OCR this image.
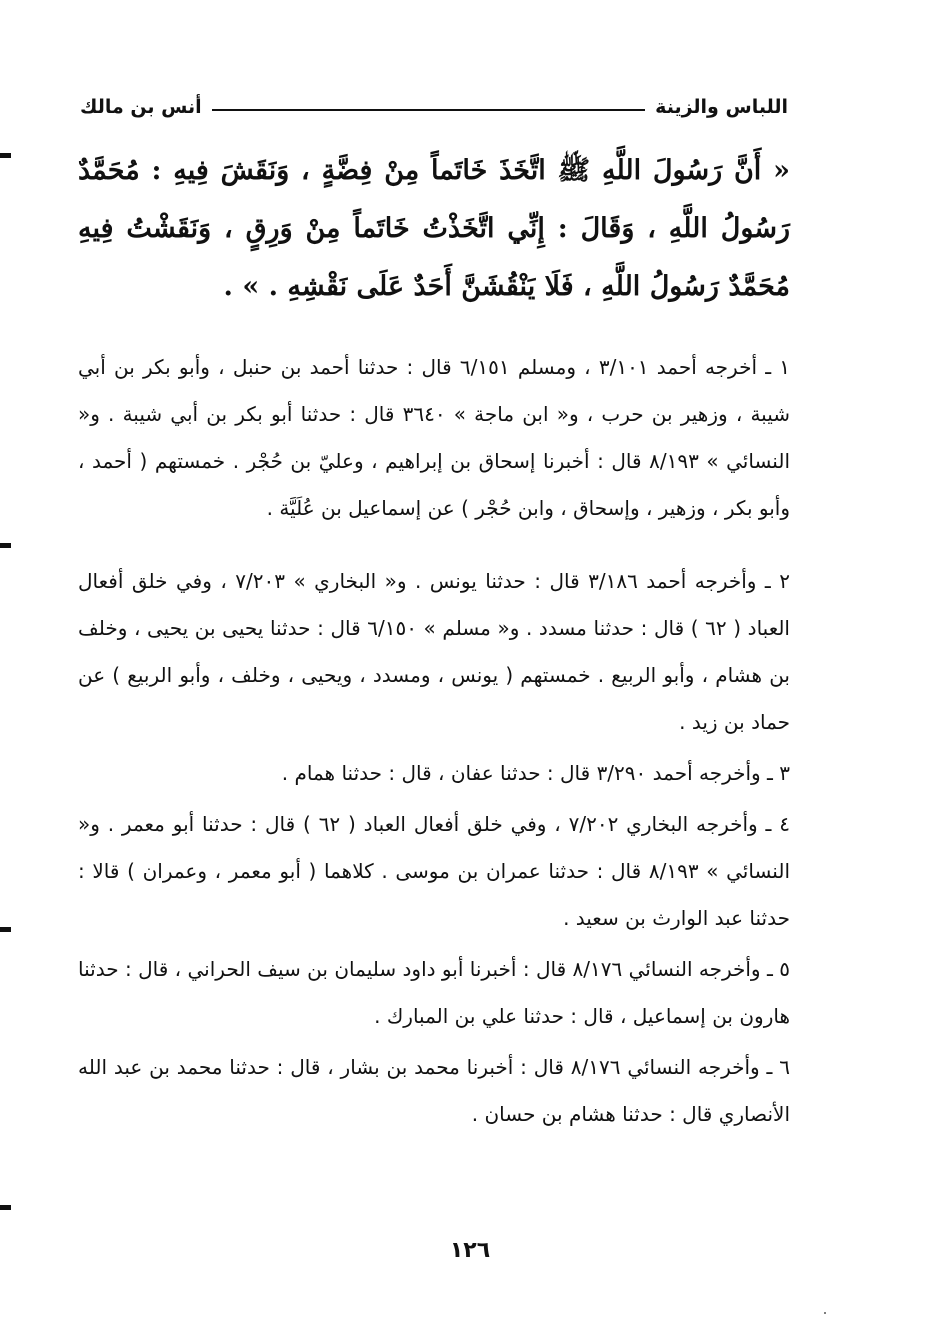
اللباس والزينة
أنس بن مالك
« أَنَّ رَسُولَ اللَّهِ ﷺ اتَّخَذَ خَاتَماً مِنْ فِضَّةٍ ، وَنَقَشَ فِيهِ : مُحَمَّدٌ رَسُولُ اللَّهِ ، وَقَالَ : إِنِّي اتَّخَذْتُ خَاتَماً مِنْ وَرِقٍ ، وَنَقَشْتُ فِيهِ مُحَمَّدٌ رَسُولُ اللَّهِ ، فَلَا يَنْقُشَنَّ أَحَدٌ عَلَى نَقْشِهِ . » .

١ ـ أخرجه أحمد ٣/١٠١ ، ومسلم ٦/١٥١ قال : حدثنا أحمد بن حنبل ، وأبو بكر بن أبي شيبة ، وزهير بن حرب ، و« ابن ماجة » ٣٦٤٠ قال : حدثنا أبو بكر بن أبي شيبة . و« النسائي » ٨/١٩٣ قال : أخبرنا إسحاق بن إبراهيم ، وعليّ بن حُجْر . خمستهم ( أحمد ، وأبو بكر ، وزهير ، وإسحاق ، وابن حُجْر ) عن إسماعيل بن عُلَيَّة .

٢ ـ وأخرجه أحمد ٣/١٨٦ قال : حدثنا يونس . و« البخاري » ٧/٢٠٣ ، وفي خلق أفعال العباد ( ٦٢ ) قال : حدثنا مسدد . و« مسلم » ٦/١٥٠ قال : حدثنا يحيى بن يحيى ، وخلف بن هشام ، وأبو الربيع . خمستهم ( يونس ، ومسدد ، ويحيى ، وخلف ، وأبو الربيع ) عن حماد بن زيد .

٣ ـ وأخرجه أحمد ٣/٢٩٠ قال : حدثنا عفان ، قال : حدثنا همام .

٤ ـ وأخرجه البخاري ٧/٢٠٢ ، وفي خلق أفعال العباد ( ٦٢ ) قال : حدثنا أبو معمر . و« النسائي » ٨/١٩٣ قال : حدثنا عمران بن موسى . كلاهما ( أبو معمر ، وعمران ) قالا : حدثنا عبد الوارث بن سعيد .

٥ ـ وأخرجه النسائي ٨/١٧٦ قال : أخبرنا أبو داود سليمان بن سيف الحراني ، قال : حدثنا هارون بن إسماعيل ، قال : حدثنا علي بن المبارك .

٦ ـ وأخرجه النسائي ٨/١٧٦ قال : أخبرنا محمد بن بشار ، قال : حدثنا محمد بن عبد الله الأنصاري قال : حدثنا هشام بن حسان .

١٢٦
